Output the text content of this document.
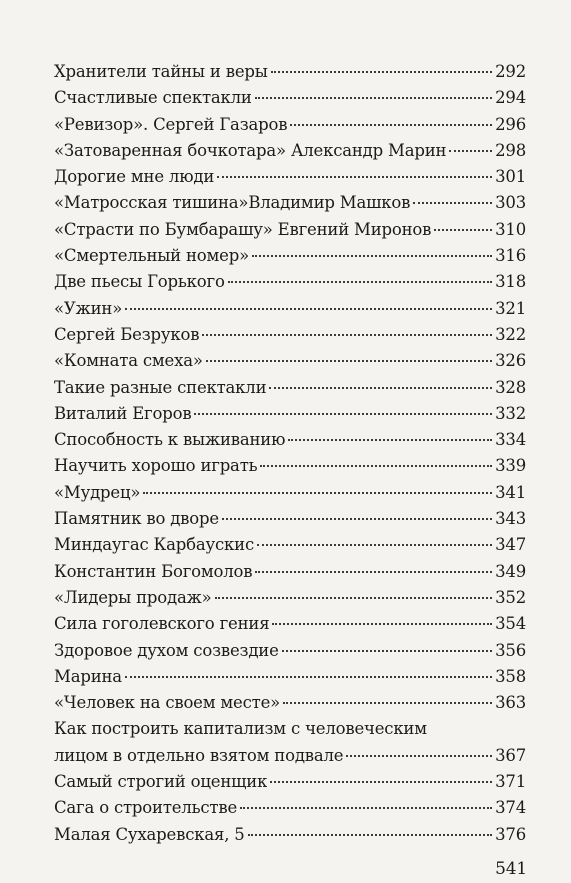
Хранители тайны и веры	292
Счастливые спектакли	294
«Ревизор». Сергей Газаров	296
«Затоваренная бочкотара» Александр Марин	298
Дорогие мне люди	301
«Матросская тишина»Владимир Машков	303
«Страсти по Бумбарашу» Евгений Миронов	310
«Смертельный номер»	316
Две пьесы Горького	318
«Ужин»	321
Сергей Безруков	322
«Комната смеха»	326
Такие разные спектакли	328
Виталий Егоров	332
Способность к выживанию	334
Научить хорошо играть	339
«Мудрец»	341
Памятник во дворе	343
Миндаугас Карбаускис	347
Константин Богомолов	349
«Лидеры продаж»	352
Сила гоголевского гения	354
Здоровое духом созвездие	356
Марина	358
«Человек на своем месте»	363
Как построить капитализм с человеческим
лицом в отдельно взятом подвале	367
Самый строгий оценщик	371
Сага о строительстве	374
Малая Сухаревская, 5	376
541
